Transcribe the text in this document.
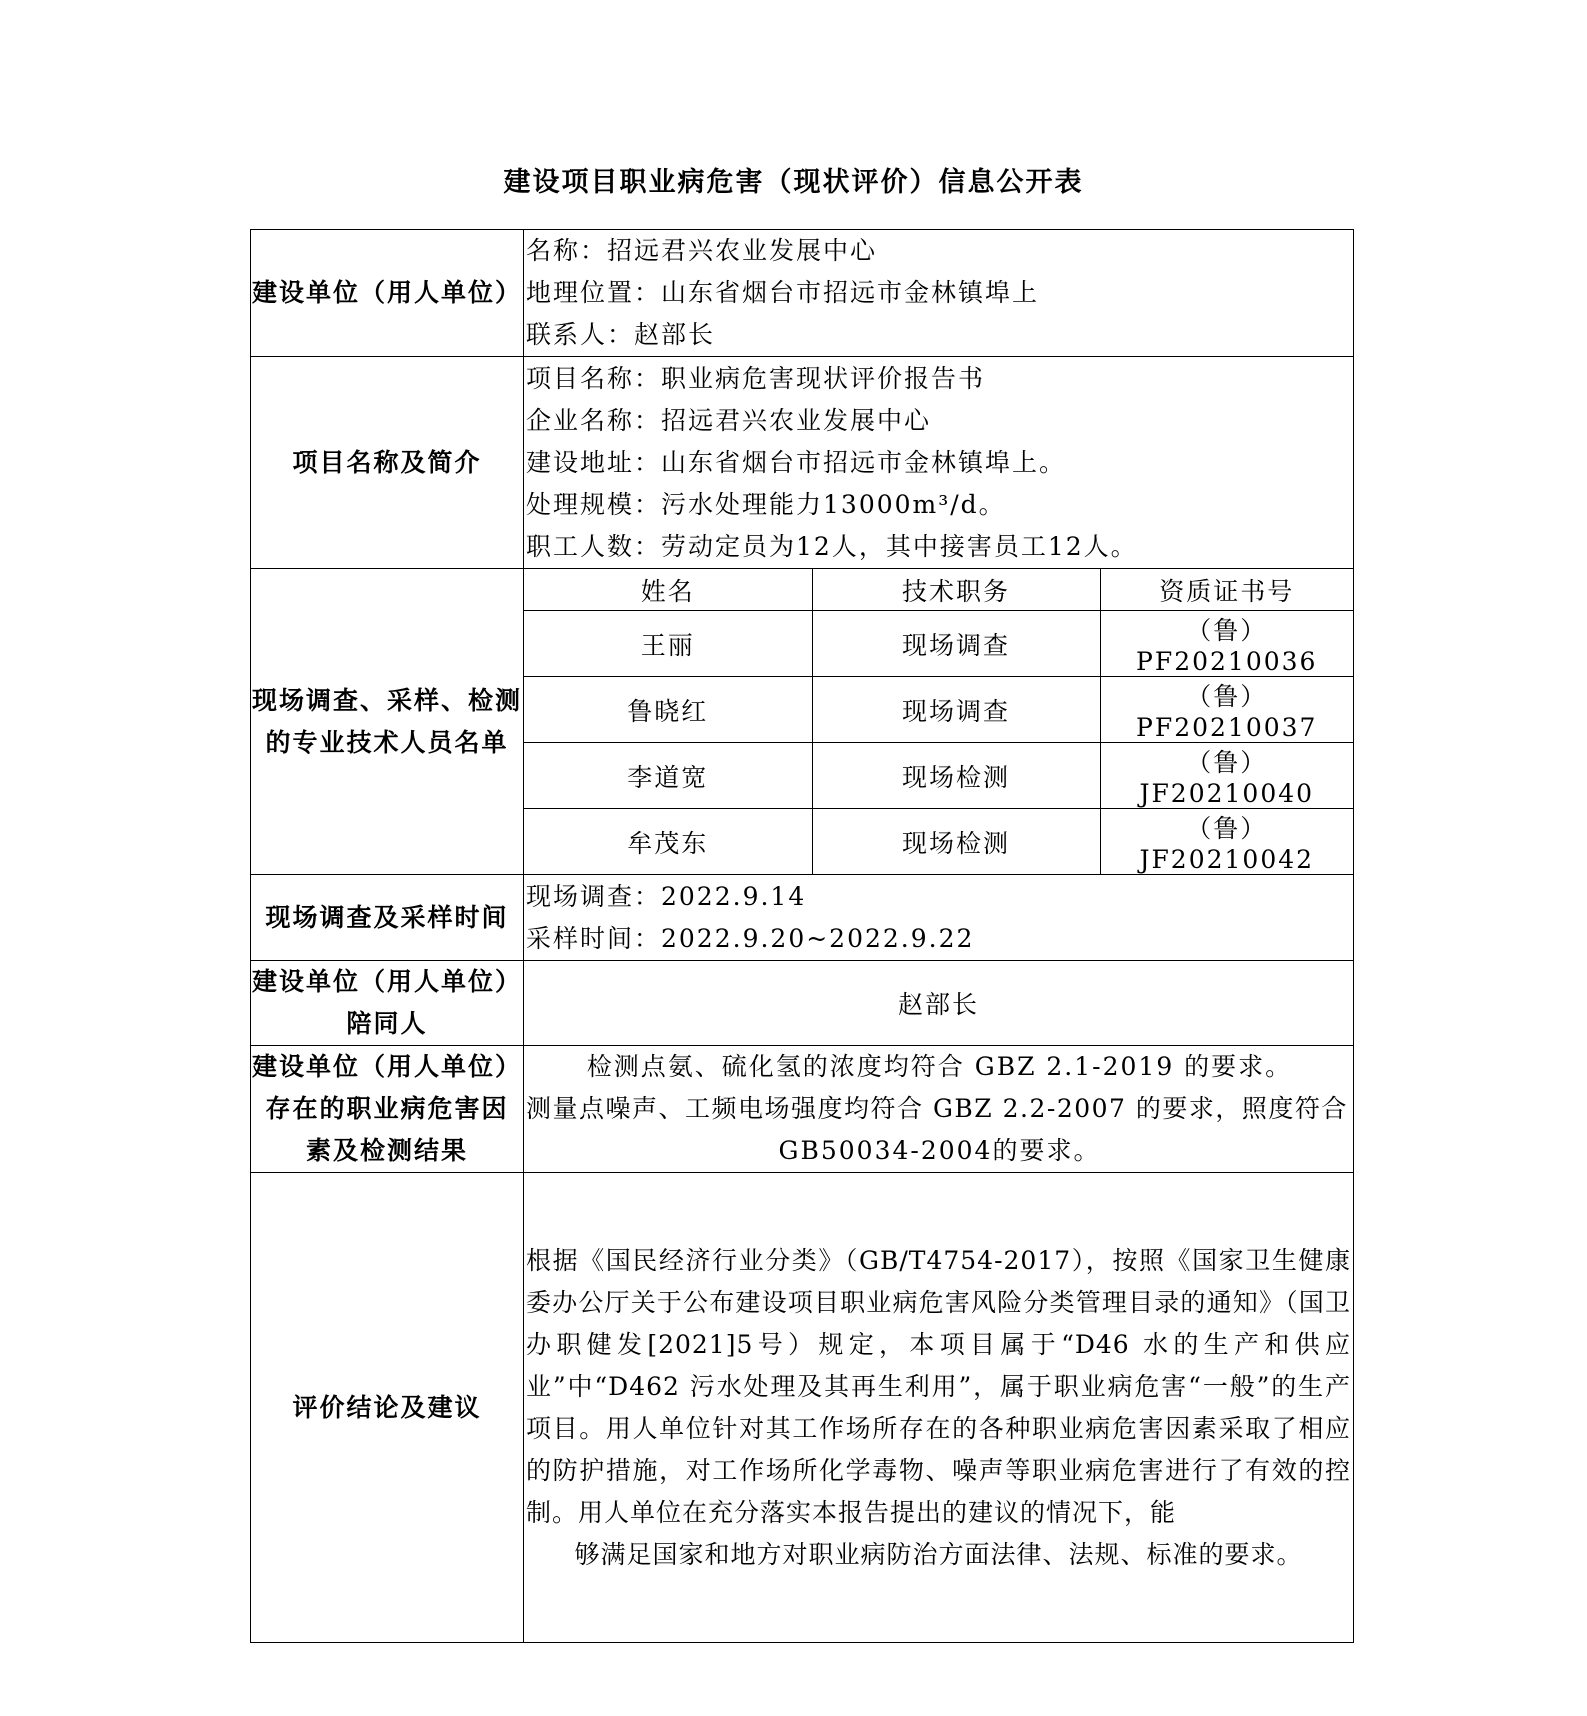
建设项目职业病危害（现状评价）信息公开表
建设单位（用人单位）	
名称：招远君兴农业发展中心
地理位置：山东省烟台市招远市金林镇埠上
联系人：赵部长

项目名称及简介	
项目名称：职业病危害现状评价报告书
企业名称：招远君兴农业发展中心
建设地址：山东省烟台市招远市金林镇埠上。
处理规模：污水处理能力13000m³/d。
职工人数：劳动定员为12人，其中接害员工12人。

现场调查、采样、检测
的专业技术人员名单

姓名	技术职务	资质证书号
王丽	现场调查	（鲁）PF20210036
鲁晓红	现场调查	（鲁）PF20210037
李道宽	现场检测	（鲁）JF20210040
牟茂东	现场检测	（鲁）JF20210042

现场调查及采样时间	
现场调查：2022.9.14
采样时间：2022.9.20~2022.9.22

建设单位（用人单位）
陪同人
	赵部长

建设单位（用人单位）
存在的职业病危害因
素及检测结果

检测点氨、硫化氢的浓度均符合 GBZ 2.1-2019 的要求。
测量点噪声、工频电场强度均符合 GBZ 2.2-2007 的要求，照度符合
GB50034-2004的要求。

评价结论及建议	
根据《国民经济行业分类》（GB/T4754-2017），按照《国家卫生健康委办公厅关于公布建设项目职业病危害风险分类管理目录的通知》（国卫办职健发[2021]5号）规定，本项目属于“D46 水的生产和供应业”中“D462 污水处理及其再生利用”，属于职业病危害“一般”的生产项目。用人单位针对其工作场所存在的各种职业病危害因素采取了相应的防护措施，对工作场所化学毒物、噪声等职业病危害进行了有效的控制。用人单位在充分落实本报告提出的建议的情况下，能
够满足国家和地方对职业病防治方面法律、法规、标准的要求。
